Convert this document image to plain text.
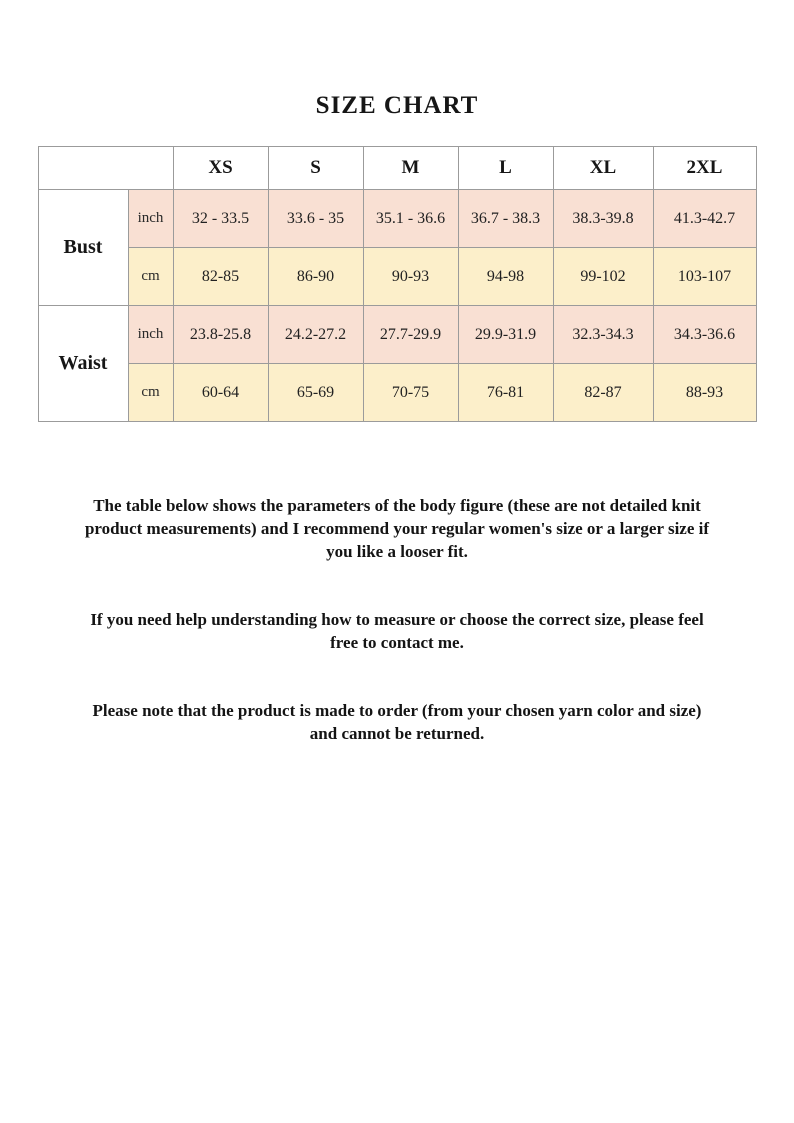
SIZE CHART
		XS	S	M	L	XL	2XL
Bust	inch	32 - 33.5	33.6 - 35	35.1 - 36.6	36.7 - 38.3	38.3-39.8	41.3-42.7
	cm	82-85	86-90	90-93	94-98	99-102	103-107
Waist	inch	23.8-25.8	24.2-27.2	27.7-29.9	29.9-31.9	32.3-34.3	34.3-36.6
	cm	60-64	65-69	70-75	76-81	82-87	88-93

The table below shows the parameters of the body figure (these are not detailed knit product measurements) and I recommend your regular women's size or a larger size if you like a looser fit.

If you need help understanding how to measure or choose the correct size, please feel free to contact me.

Please note that the product is made to order (from your chosen yarn color and size) and cannot be returned.
